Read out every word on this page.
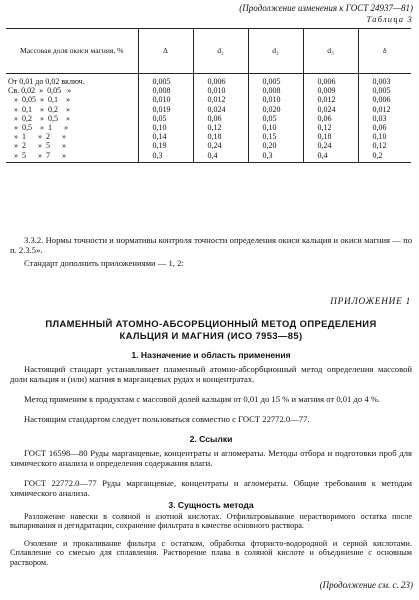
(Продолжение изменения к ГОСТ 24937—81)
Таблица 3
Массовая доля окиси магния, %	Δ	d₂	d₂	d₃	δ
От 0,01 до 0,02 включ.	0,005	0,006	0,005	0,006	0,003
Св. 0,02  »  0,05   »	0,008	0,010	0,008	0,009	0,005
»  0,05  »  0,1    »	0,010	0,012	0,010	0,012	0,006
»  0,1    »  0,2    »	0,019	0,024	0,020	0,024	0,012
»  0,2    »  0,5    »	0,05	0,06	0,05	0,06	0,03
»  0,5    »  1      »	0,10	0,12	0,10	0,12	0,06
»  1      »  2      »	0,14	0,18	0,15	0,18	0,10
»  2      »  5      »	0,19	0,24	0,20	0,24	0,12
»  5      »  7      »	0,3	0,4	0,3	0,4	0,2
3.3.2. Нормы точности и нормативы контроля точности определения окиси кальция и окиси магния — по п. 2.3.5».
Стандарт дополнить приложениями — 1, 2:
ПРИЛОЖЕНИЕ 1
ПЛАМЕННЫЙ АТОМНО-АБСОРБЦИОННЫЙ МЕТОД ОПРЕДЕЛЕНИЯ
КАЛЬЦИЯ И МАГНИЯ (ИСО 7953—85)
1. Назначение и область применения
Настоящий стандарт устанавливает пламенный атомно-абсорбционный метод определения массовой доли кальция и (или) магния в марганцевых рудах и концентратах.
Метод применим к продуктам с массовой долей кальция от 0,01 до 15 % и магния от 0,01 до 4 %.
Настоящим стандартом следует пользоваться совместно с ГОСТ 22772.0—77.
2. Ссылки
ГОСТ 16598—80 Руды марганцевые, концентраты и агломераты. Методы отбора и подготовки проб для химического анализа и определения содержания влаги.
ГОСТ 22772.0—77 Руды марганцевые, концентраты и агломераты. Общие требования к методам химического анализа.
3. Сущность метода
Разложение навески в соляной и азотной кислотах. Отфильтровывание нерастворимого остатка после выпаривания и дегидратации, сохранение фильтрата в качестве основного раствора.
Озоление и прокаливание фильтра с остатком, обработка фтористо-водородной и серной кислотами. Сплавление со смесью для сплавления. Растворение плава в соляной кислоте и объединение с основным раствором.
(Продолжение см. с. 23)
